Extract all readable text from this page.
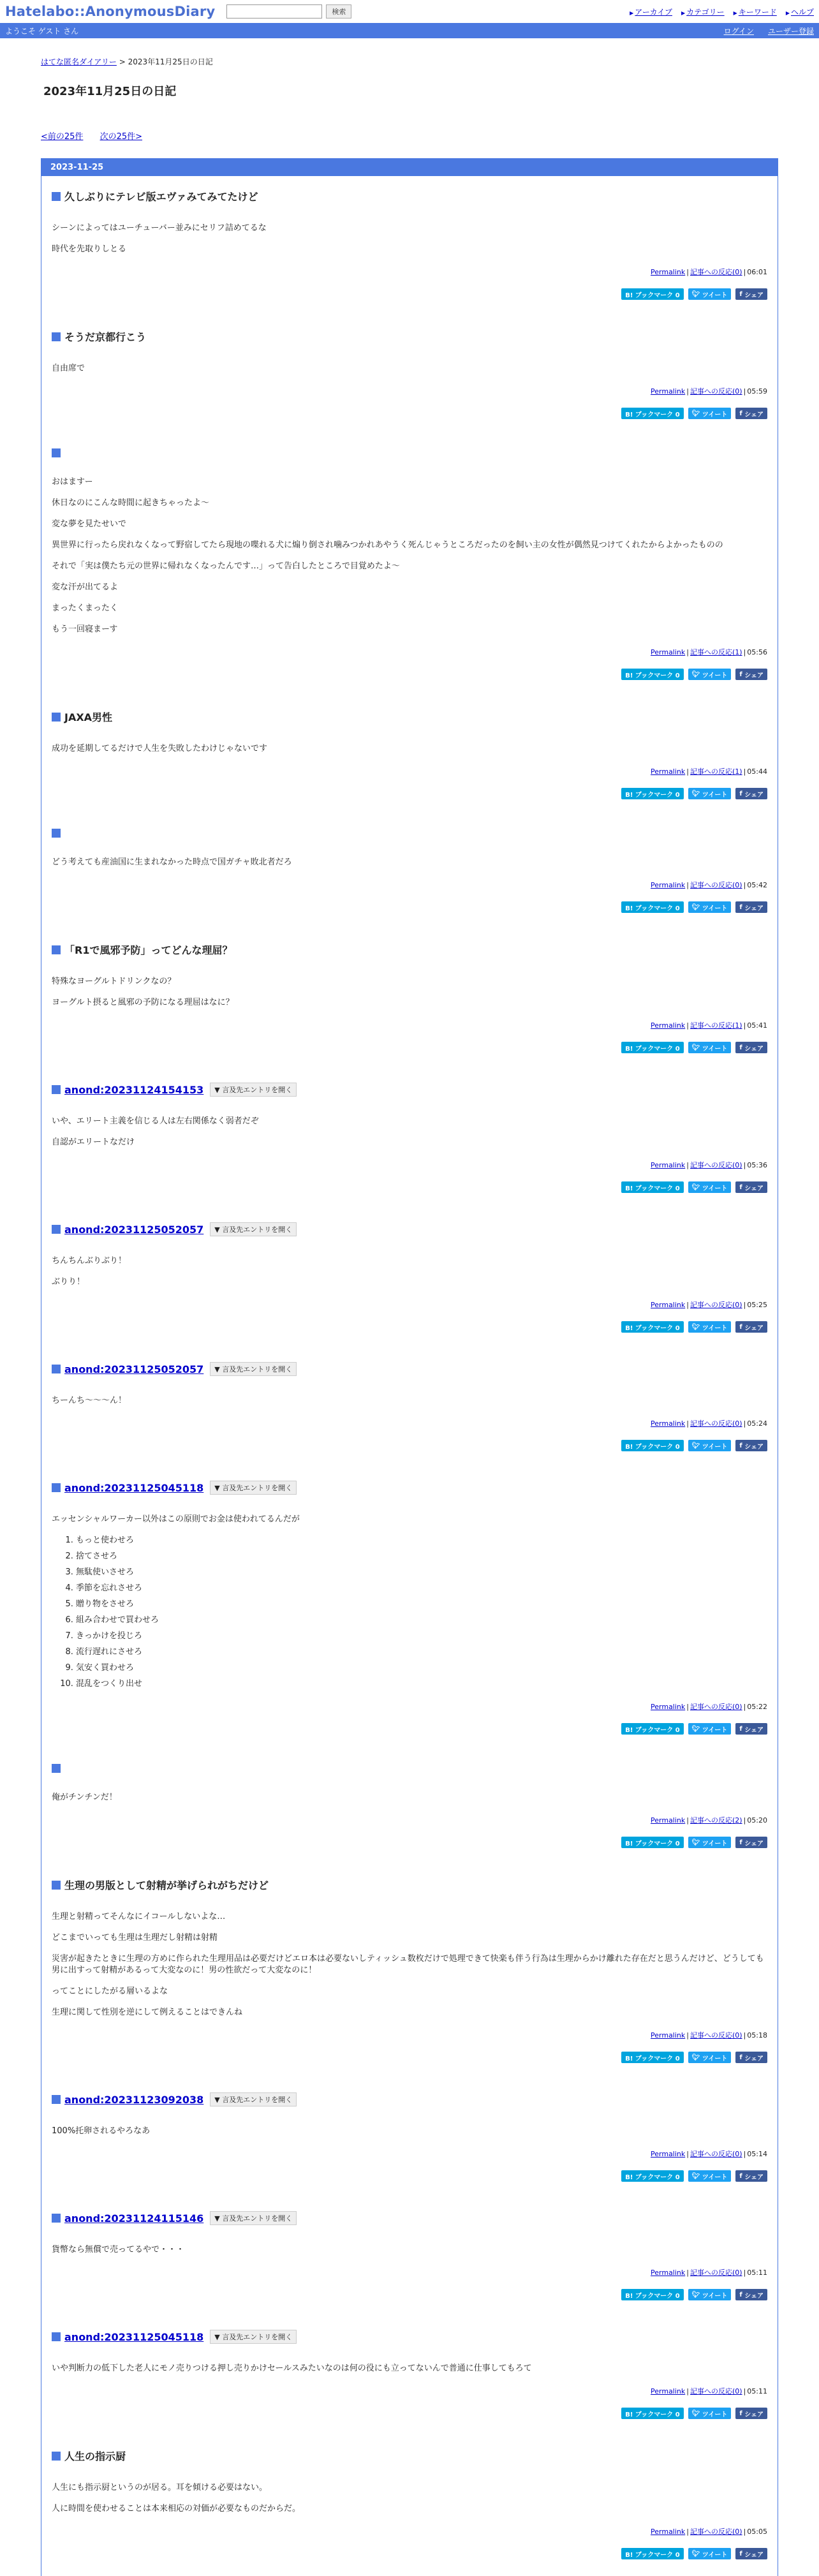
Hatelabo::AnonymousDiary	検索	▶ アーカイブ	▶ カテゴリー	▶ キーワード	▶ ヘルプ
ようこそ ゲスト さん	ログイン ユーザー登録
はてな匿名ダイアリー > 2023年11月25日の日記
2023年11月25日の日記
<前の25件 次の25件>
2023-11-25
久しぶりにテレビ版エヴァみてみてたけど

シーンによってはユーチューバー並みにセリフ詰めてるな

時代を先取りしとる

Permalink | 記事への反応(0) | 06:01
B! ブックマーク 0	🐦︎
ツイート f
シェア
そうだ京都行こう

自由席で

Permalink | 記事への反応(0) | 05:59
B! ブックマーク 0	🐦︎
ツイート f
シェア

おはますー

休日なのにこんな時間に起きちゃったよ〜

変な夢を見たせいで

異世界に行ったら戻れなくなって野宿してたら現地の喋れる犬に煽り倒され噛みつかれあやうく死んじゃうところだったのを飼い主の女性が偶然見つけてくれたからよかったものの

それで「実は僕たち元の世界に帰れなくなったんです…」って告白したところで目覚めたよ〜

変な汗が出てるよ

まったくまったく

もう一回寝まーす

Permalink | 記事への反応(1) | 05:56
B! ブックマーク 0	🐦︎
ツイート f
シェア
JAXA男性

成功を延期してるだけで人生を失敗したわけじゃないです

Permalink | 記事への反応(1) | 05:44
B! ブックマーク 0	🐦︎
ツイート f
シェア

どう考えても産油国に生まれなかった時点で国ガチャ敗北者だろ

Permalink | 記事への反応(0) | 05:42
B! ブックマーク 0	🐦︎
ツイート f
シェア
「R1で風邪予防」ってどんな理屈？

特殊なヨーグルトドリンクなの？

ヨーグルト摂ると風邪の予防になる理屈はなに？

Permalink | 記事への反応(1) | 05:41
B! ブックマーク 0	🐦︎
ツイート f
シェア
anond:20231124154153	▼ 言及先エントリを開く

いや、エリート主義を信じる人は左右関係なく弱者だぞ

自認がエリートなだけ

Permalink | 記事への反応(0) | 05:36
B! ブックマーク 0	🐦︎
ツイート f
シェア
anond:20231125052057	▼ 言及先エントリを開く

ちんちんぶりぶり！

ぶりり！

Permalink | 記事への反応(0) | 05:25
B! ブックマーク 0	🐦︎
ツイート f
シェア
anond:20231125052057	▼ 言及先エントリを開く

ちーんち〜〜〜ん！

Permalink | 記事への反応(0) | 05:24
B! ブックマーク 0	🐦︎
ツイート f
シェア
anond:20231125045118	▼ 言及先エントリを開く

エッセンシャルワーカー以外はこの原則でお金は使われてるんだが

1. もっと使わせろ
2. 捨てさせろ
3. 無駄使いさせろ
4. 季節を忘れさせろ
5. 贈り物をさせろ
6. 組み合わせで買わせろ
7. きっかけを投じろ
8. 流行遅れにさせろ
9. 気安く買わせろ
10. 混乱をつくり出せ
Permalink | 記事への反応(0) | 05:22
B! ブックマーク 0	🐦︎
ツイート f
シェア

俺がチンチンだ！

Permalink | 記事への反応(2) | 05:20
B! ブックマーク 0	🐦︎
ツイート f
シェア
生理の男版として射精が挙げられがちだけど

生理と射精ってそんなにイコールしないよな…

どこまでいっても生理は生理だし射精は射精

災害が起きたときに生理の方めに作られた生理用品は必要だけどエロ本は必要ないしティッシュ数枚だけで処理できて快楽も伴う行為は生理からかけ離れた存在だと思うんだけど、どうしても男に出すって射精があるって大変なのに！男の性欲だって大変なのに！

ってことにしたがる層いるよな

生理に関して性別を逆にして例えることはできんね

Permalink | 記事への反応(0) | 05:18
B! ブックマーク 0	🐦︎
ツイート f
シェア
anond:20231123092038	▼ 言及先エントリを開く

100%托卵されるやろなあ

Permalink | 記事への反応(0) | 05:14
B! ブックマーク 0	🐦︎
ツイート f
シェア
anond:20231124115146	▼ 言及先エントリを開く

貨幣なら無償で売ってるやで・・・

Permalink | 記事への反応(0) | 05:11
B! ブックマーク 0	🐦︎
ツイート f
シェア
anond:20231125045118	▼ 言及先エントリを開く

いや判断力の低下した老人にモノ売りつける押し売りかけセールスみたいなのは何の役にも立ってないんで普通に仕事してもろて

Permalink | 記事への反応(0) | 05:11
B! ブックマーク 0	🐦︎
ツイート f
シェア
人生の指示厨

人生にも指示厨というのが居る。耳を傾ける必要はない。

人に時間を使わせることは本来相応の対価が必要なものだからだ。

Permalink | 記事への反応(0) | 05:05
B! ブックマーク 0	🐦︎
ツイート f
シェア
